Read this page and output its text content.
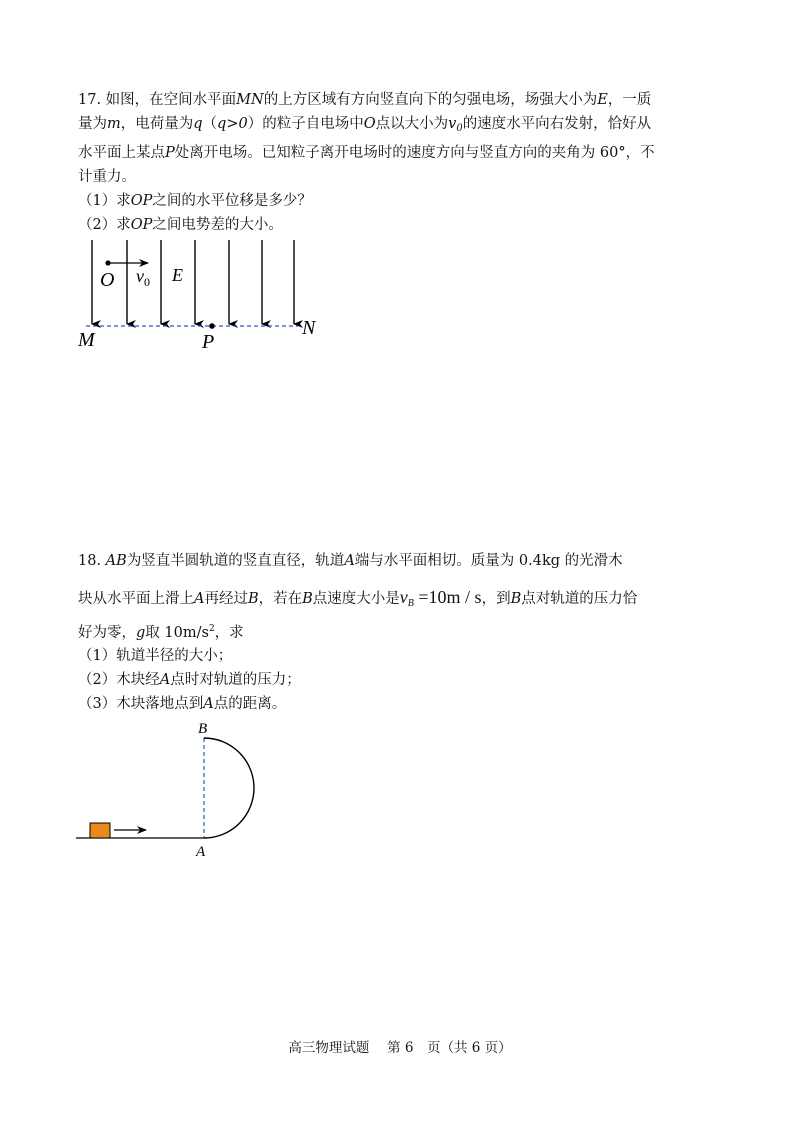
17. 如图，在空间水平面MN的上方区域有方向竖直向下的匀强电场，场强大小为E，一质
量为m，电荷量为q（q>0）的粒子自电场中O点以大小为$v_0$的速度水平向右发射，恰好从
水平面上某点P处离开电场。已知粒子离开电场时的速度方向与竖直方向的夹角为 60°，不
计重力。
（1）求OP之间的水平位移是多少？
（2）求OP之间电势差的大小。
O $v_0$ E
M	P
N
18. AB为竖直半圆轨道的竖直直径，轨道A端与水平面相切。质量为 0.4kg 的光滑木
块从水平面上滑上A再经过B，若在B点速度大小是$v_B =10m / s$，到B点对轨道的压力恰
好为零，g取 $10m/s^2$，求
（1）轨道半径的大小；
（2）木块经A点时对轨道的压力；
（3）木块落地点到A点的距离。
B
A
高三物理试题　 第 6　页（共 6 页）
